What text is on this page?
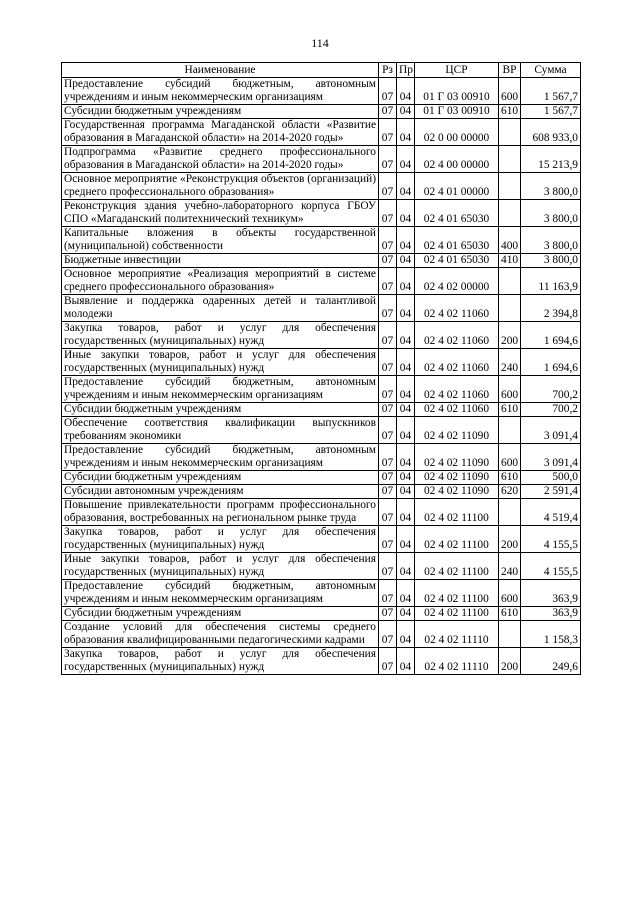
114
Наименование	Рз	Пр	ЦСР	ВР	Сумма
Предоставление субсидий бюджетным, автономным учреждениям и иным некоммерческим организациям	07	04	01 Г 03 00910	600	1 567,7
Субсидии бюджетным учреждениям	07	04	01 Г 03 00910	610	1 567,7
Государственная программа Магаданской области «Развитие образования в Магаданской области» на 2014-2020 годы»	07	04	02 0 00 00000		608 933,0
Подпрограмма «Развитие среднего профессионального образования в Магаданской области» на 2014-2020 годы»	07	04	02 4 00 00000		15 213,9
Основное мероприятие «Реконструкция объектов (организаций) среднего профессионального образования»	07	04	02 4 01 00000		3 800,0
Реконструкция здания учебно-лабораторного корпуса ГБОУ СПО «Магаданский политехнический техникум»	07	04	02 4 01 65030		3 800,0
Капитальные вложения в объекты государственной (муниципальной) собственности	07	04	02 4 01 65030	400	3 800,0
Бюджетные инвестиции	07	04	02 4 01 65030	410	3 800,0
Основное мероприятие «Реализация мероприятий в системе среднего профессионального образования»	07	04	02 4 02 00000		11 163,9
Выявление и поддержка одаренных детей и талантливой молодежи	07	04	02 4 02 11060		2 394,8
Закупка товаров, работ и услуг для обеспечения государственных (муниципальных) нужд	07	04	02 4 02 11060	200	1 694,6
Иные закупки товаров, работ и услуг для обеспечения государственных (муниципальных) нужд	07	04	02 4 02 11060	240	1 694,6
Предоставление субсидий бюджетным, автономным учреждениям и иным некоммерческим организациям	07	04	02 4 02 11060	600	700,2
Субсидии бюджетным учреждениям	07	04	02 4 02 11060	610	700,2
Обеспечение соответствия квалификации выпускников требованиям экономики	07	04	02 4 02 11090		3 091,4
Предоставление субсидий бюджетным, автономным учреждениям и иным некоммерческим организациям	07	04	02 4 02 11090	600	3 091,4
Субсидии бюджетным учреждениям	07	04	02 4 02 11090	610	500,0
Субсидии автономным учреждениям	07	04	02 4 02 11090	620	2 591,4
Повышение привлекательности программ профессионального образования, востребованных на региональном рынке труда	07	04	02 4 02 11100		4 519,4
Закупка товаров, работ и услуг для обеспечения государственных (муниципальных) нужд	07	04	02 4 02 11100	200	4 155,5
Иные закупки товаров, работ и услуг для обеспечения государственных (муниципальных) нужд	07	04	02 4 02 11100	240	4 155,5
Предоставление субсидий бюджетным, автономным учреждениям и иным некоммерческим организациям	07	04	02 4 02 11100	600	363,9
Субсидии бюджетным учреждениям	07	04	02 4 02 11100	610	363,9
Создание условий для обеспечения системы среднего образования квалифицированными педагогическими кадрами	07	04	02 4 02 11110		1 158,3
Закупка товаров, работ и услуг для обеспечения государственных (муниципальных) нужд	07	04	02 4 02 11110	200	249,6
